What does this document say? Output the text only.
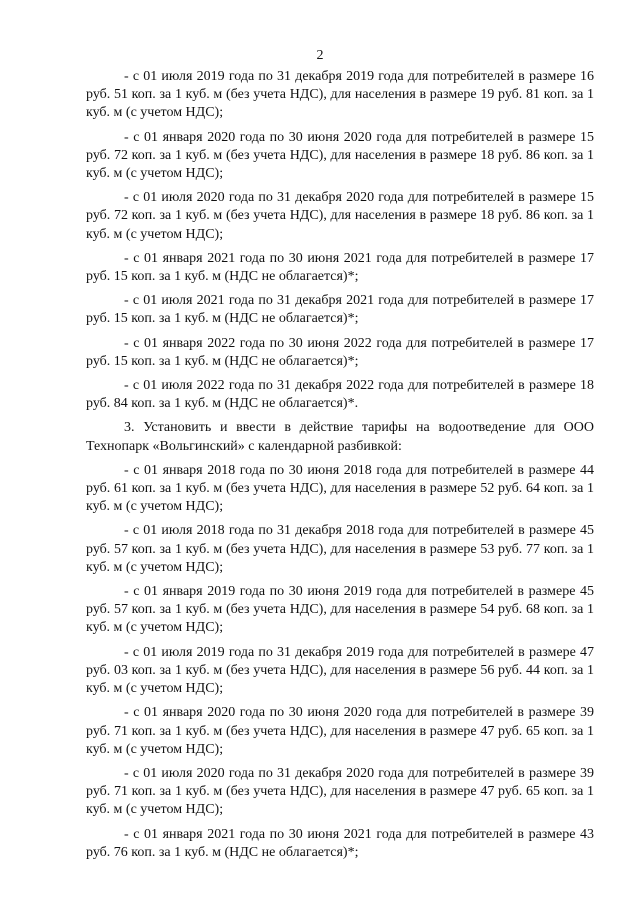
2

- с 01 июля 2019 года по 31 декабря 2019 года для потребителей в размере 16 руб. 51 коп. за 1 куб. м (без учета НДС), для населения в размере 19 руб. 81 коп. за 1 куб. м (с учетом НДС);

- с 01 января 2020 года по 30 июня 2020 года для потребителей в размере 15 руб. 72 коп. за 1 куб. м (без учета НДС), для населения в размере 18 руб. 86 коп. за 1 куб. м (с учетом НДС);

- с 01 июля 2020 года по 31 декабря 2020 года для потребителей в размере 15 руб. 72 коп. за 1 куб. м (без учета НДС), для населения в размере 18 руб. 86 коп. за 1 куб. м (с учетом НДС);

- с 01 января 2021 года по 30 июня 2021 года для потребителей в размере 17 руб. 15 коп. за 1 куб. м (НДС не облагается)*;

- с 01 июля 2021 года по 31 декабря 2021 года для потребителей в размере 17 руб. 15 коп. за 1 куб. м (НДС не облагается)*;

- с 01 января 2022 года по 30 июня 2022 года для потребителей в размере 17 руб. 15 коп. за 1 куб. м (НДС не облагается)*;

- с 01 июля 2022 года по 31 декабря 2022 года для потребителей в размере 18 руб. 84 коп. за 1 куб. м (НДС не облагается)*.

3. Установить и ввести в действие тарифы на водоотведение для ООО Технопарк «Вольгинский» с календарной разбивкой:

- с 01 января 2018 года по 30 июня 2018 года для потребителей в размере 44 руб. 61 коп. за 1 куб. м (без учета НДС), для населения в размере 52 руб. 64 коп. за 1 куб. м (с учетом НДС);

- с 01 июля 2018 года по 31 декабря 2018 года для потребителей в размере 45 руб. 57 коп. за 1 куб. м (без учета НДС), для населения в размере 53 руб. 77 коп. за 1 куб. м (с учетом НДС);

- с 01 января 2019 года по 30 июня 2019 года для потребителей в размере 45 руб. 57 коп. за 1 куб. м (без учета НДС), для населения в размере 54 руб. 68 коп. за 1 куб. м (с учетом НДС);

- с 01 июля 2019 года по 31 декабря 2019 года для потребителей в размере 47 руб. 03 коп. за 1 куб. м (без учета НДС), для населения в размере 56 руб. 44 коп. за 1 куб. м (с учетом НДС);

- с 01 января 2020 года по 30 июня 2020 года для потребителей в размере 39 руб. 71 коп. за 1 куб. м (без учета НДС), для населения в размере 47 руб. 65 коп. за 1 куб. м (с учетом НДС);

- с 01 июля 2020 года по 31 декабря 2020 года для потребителей в размере 39 руб. 71 коп. за 1 куб. м (без учета НДС), для населения в размере 47 руб. 65 коп. за 1 куб. м (с учетом НДС);

- с 01 января 2021 года по 30 июня 2021 года для потребителей в размере 43 руб. 76 коп. за 1 куб. м (НДС не облагается)*;
